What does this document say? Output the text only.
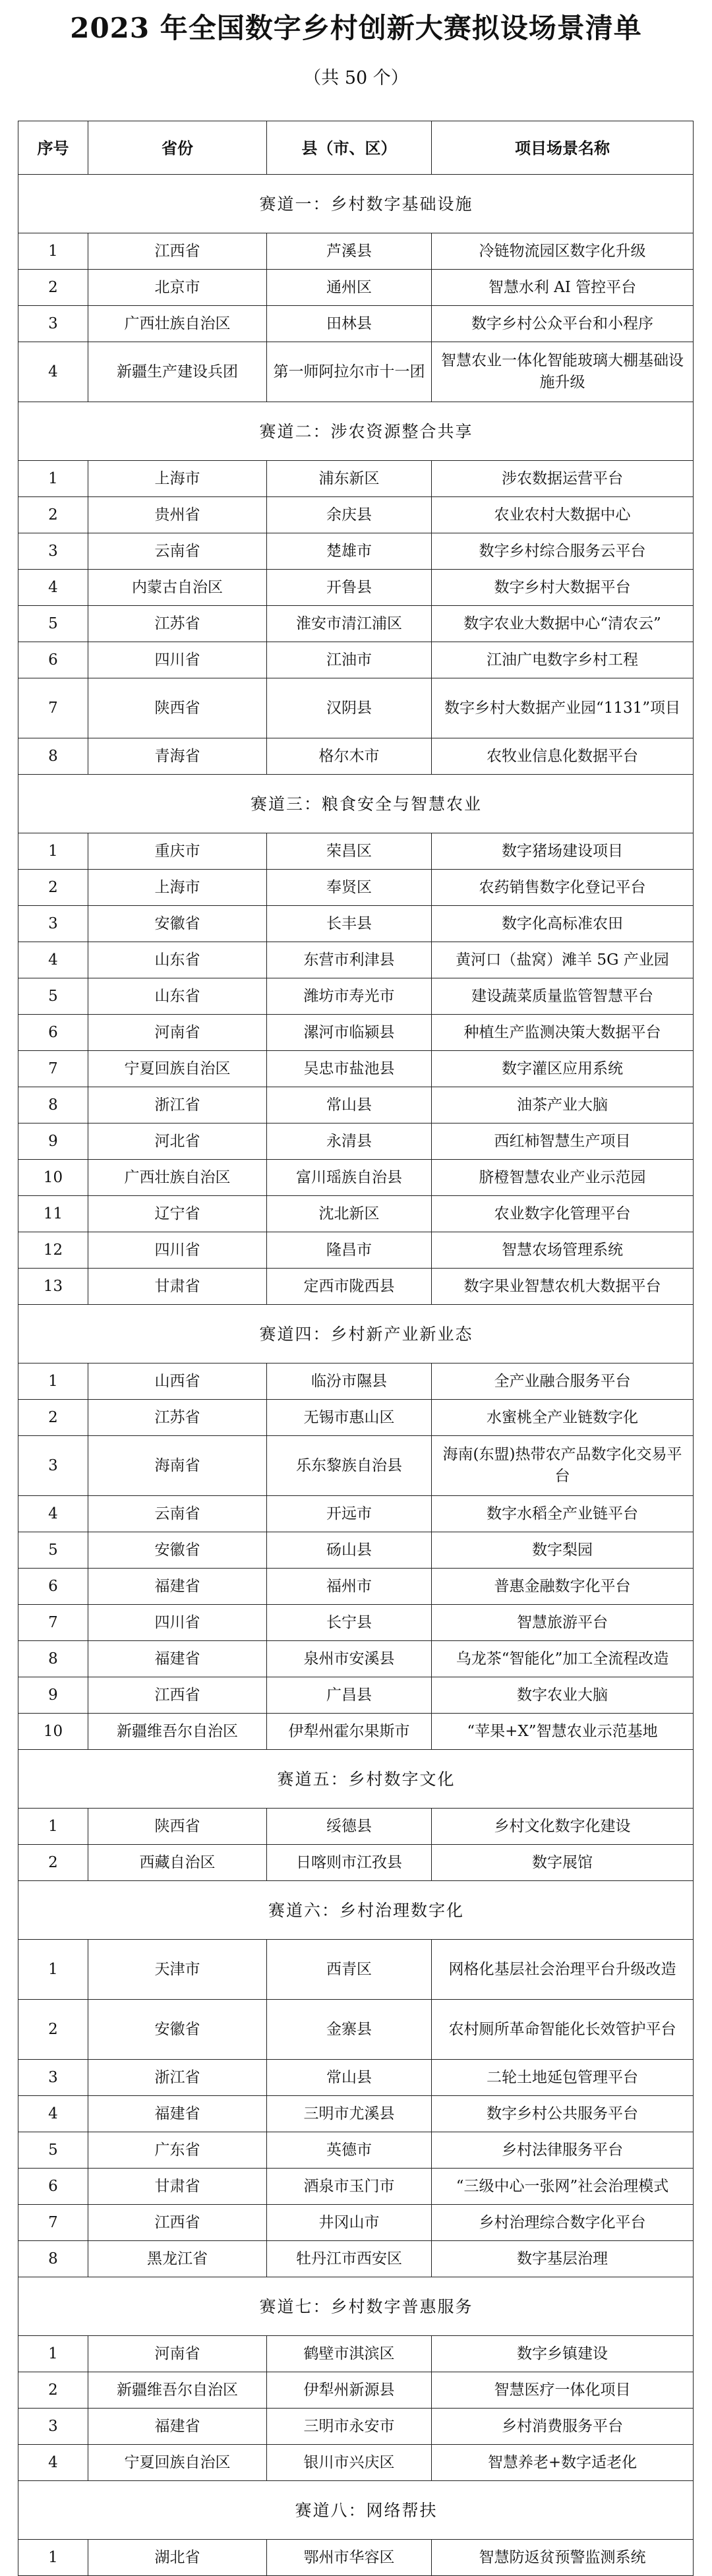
2023 年全国数字乡村创新大赛拟设场景清单
（共 50 个）
序号	省份	县（市、区）	项目场景名称
赛道一：乡村数字基础设施			
1	江西省	芦溪县	冷链物流园区数字化升级
2	北京市	通州区	智慧水利 AI 管控平台
3	广西壮族自治区	田林县	数字乡村公众平台和小程序
4	新疆生产建设兵团	第一师阿拉尔市十一团	智慧农业一体化智能玻璃大棚基础设施升级
赛道二：涉农资源整合共享			
1	上海市	浦东新区	涉农数据运营平台
2	贵州省	余庆县	农业农村大数据中心
3	云南省	楚雄市	数字乡村综合服务云平台
4	内蒙古自治区	开鲁县	数字乡村大数据平台
5	江苏省	淮安市清江浦区	数字农业大数据中心“清农云”
6	四川省	江油市	江油广电数字乡村工程
7	陕西省	汉阴县	数字乡村大数据产业园“1131”项目
8	青海省	格尔木市	农牧业信息化数据平台
赛道三：粮食安全与智慧农业			
1	重庆市	荣昌区	数字猪场建设项目
2	上海市	奉贤区	农药销售数字化登记平台
3	安徽省	长丰县	数字化高标准农田
4	山东省	东营市利津县	黄河口（盐窝）滩羊 5G 产业园
5	山东省	潍坊市寿光市	建设蔬菜质量监管智慧平台
6	河南省	漯河市临颍县	种植生产监测决策大数据平台
7	宁夏回族自治区	吴忠市盐池县	数字灌区应用系统
8	浙江省	常山县	油茶产业大脑
9	河北省	永清县	西红柿智慧生产项目
10	广西壮族自治区	富川瑶族自治县	脐橙智慧农业产业示范园
11	辽宁省	沈北新区	农业数字化管理平台
12	四川省	隆昌市	智慧农场管理系统
13	甘肃省	定西市陇西县	数字果业智慧农机大数据平台
赛道四：乡村新产业新业态			
1	山西省	临汾市隰县	全产业融合服务平台
2	江苏省	无锡市惠山区	水蜜桃全产业链数字化
3	海南省	乐东黎族自治县	海南(东盟)热带农产品数字化交易平台
4	云南省	开远市	数字水稻全产业链平台
5	安徽省	砀山县	数字梨园
6	福建省	福州市	普惠金融数字化平台
7	四川省	长宁县	智慧旅游平台
8	福建省	泉州市安溪县	乌龙茶“智能化”加工全流程改造
9	江西省	广昌县	数字农业大脑
10	新疆维吾尔自治区	伊犁州霍尔果斯市	“苹果+X”智慧农业示范基地
赛道五：乡村数字文化			
1	陕西省	绥德县	乡村文化数字化建设
2	西藏自治区	日喀则市江孜县	数字展馆
赛道六：乡村治理数字化			
1	天津市	西青区	网格化基层社会治理平台升级改造
2	安徽省	金寨县	农村厕所革命智能化长效管护平台
3	浙江省	常山县	二轮土地延包管理平台
4	福建省	三明市尤溪县	数字乡村公共服务平台
5	广东省	英德市	乡村法律服务平台
6	甘肃省	酒泉市玉门市	“三级中心一张网”社会治理模式
7	江西省	井冈山市	乡村治理综合数字化平台
8	黑龙江省	牡丹江市西安区	数字基层治理
赛道七：乡村数字普惠服务			
1	河南省	鹤壁市淇滨区	数字乡镇建设
2	新疆维吾尔自治区	伊犁州新源县	智慧医疗一体化项目
3	福建省	三明市永安市	乡村消费服务平台
4	宁夏回族自治区	银川市兴庆区	智慧养老+数字适老化
赛道八：网络帮扶			
1	湖北省	鄂州市华容区	智慧防返贫预警监测系统
